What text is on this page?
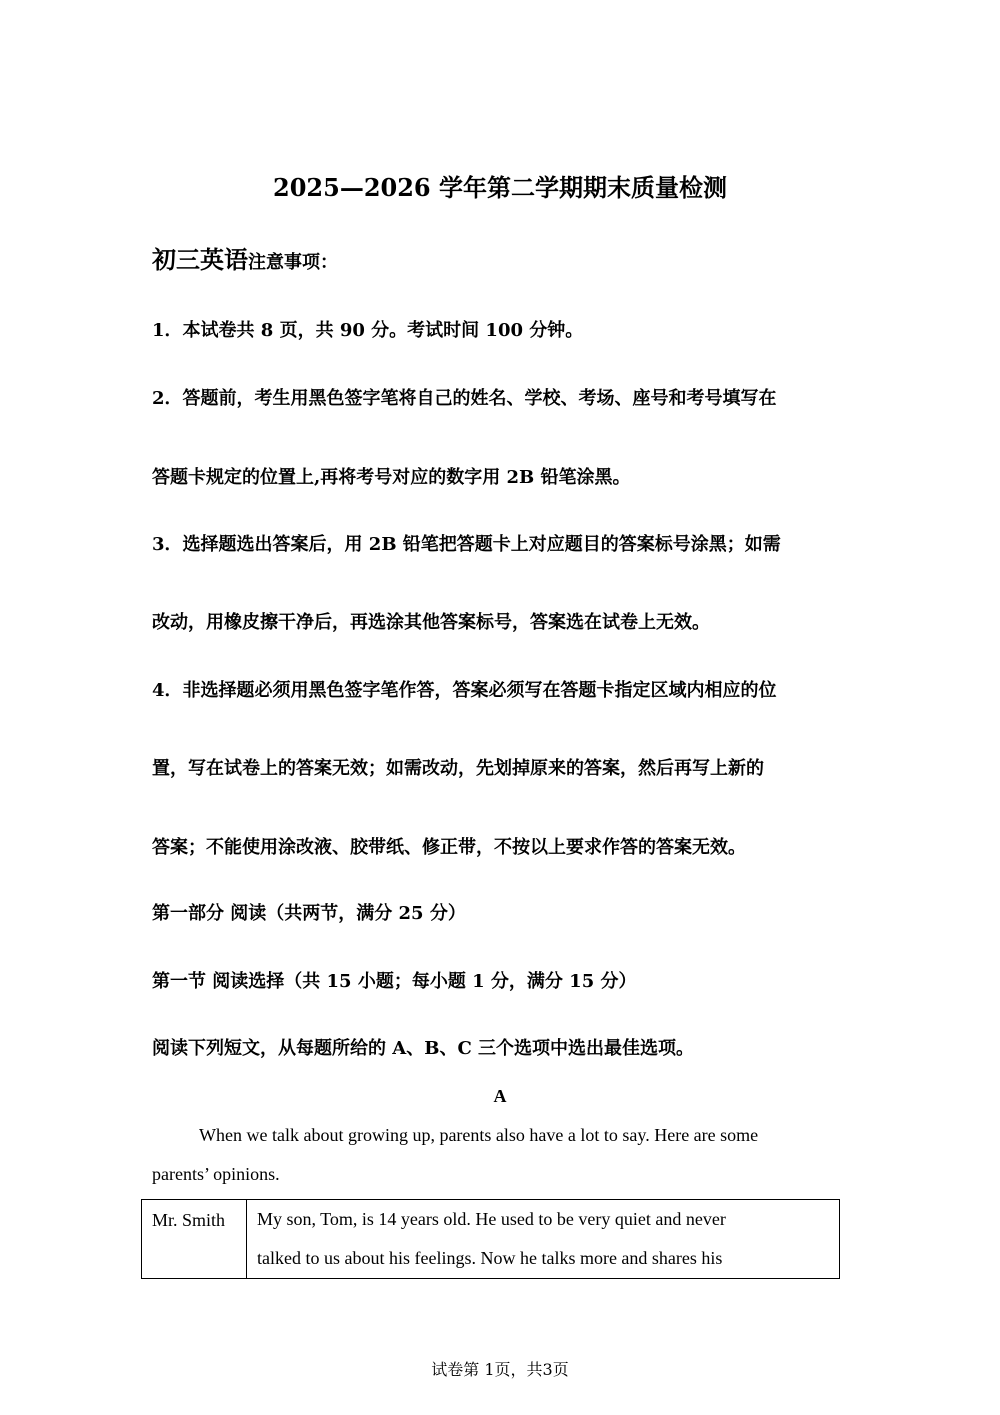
2025—2026 学年第二学期期末质量检测
初三英语注意事项：
1．本试卷共 8 页，共 90 分。考试时间 100 分钟。
2．答题前，考生用黑色签字笔将自己的姓名、学校、考场、座号和考号填写在
答题卡规定的位置上,再将考号对应的数字用 2B 铅笔涂黑。
3．选择题选出答案后，用 2B 铅笔把答题卡上对应题目的答案标号涂黑；如需
改动，用橡皮擦干净后，再选涂其他答案标号，答案选在试卷上无效。
4．非选择题必须用黑色签字笔作答，答案必须写在答题卡指定区域内相应的位
置，写在试卷上的答案无效；如需改动，先划掉原来的答案，然后再写上新的
答案；不能使用涂改液、胶带纸、修正带，不按以上要求作答的答案无效。
第一部分 阅读（共两节，满分 25 分）
第一节 阅读选择（共 15 小题；每小题 1 分，满分 15 分）
阅读下列短文，从每题所给的 A、B、C 三个选项中选出最佳选项。
A
When we talk about growing up, parents also have a lot to say. Here are some
parents’ opinions.
Mr. Smith	My son, Tom, is 14 years old. He used to be very quiet and never
talked to us about his feelings. Now he talks more and shares his
试卷第 1页，共3页
